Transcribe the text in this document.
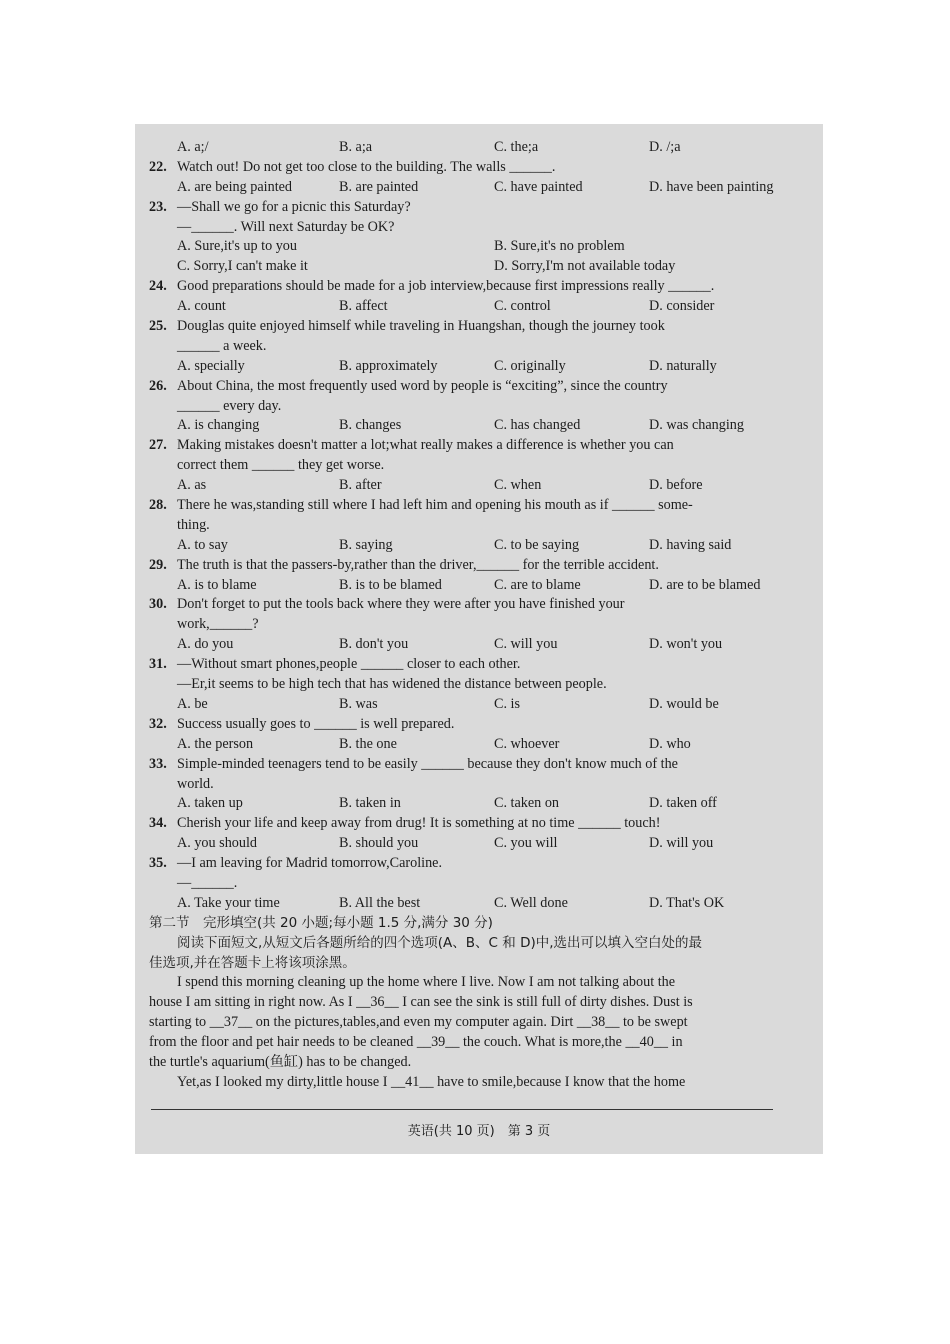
A. a;/	B. a;a	C. the;a	D. /;a
22. Watch out! Do not get too close to the building. The walls ______.
A. are being painted	B. are painted	C. have painted	D. have been painting
23. —Shall we go for a picnic this Saturday?
—______. Will next Saturday be OK?
A. Sure,it's up to you	B. Sure,it's no problem
C. Sorry,I can't make it	D. Sorry,I'm not available today
24. Good preparations should be made for a job interview,because first impressions really ______.
A. count	B. affect	C. control	D. consider
25. Douglas quite enjoyed himself while traveling in Huangshan, though the journey took
______ a week.
A. specially	B. approximately	C. originally	D. naturally
26. About China, the most frequently used word by people is “exciting”, since the country
______ every day.
A. is changing	B. changes	C. has changed	D. was changing
27. Making mistakes doesn't matter a lot;what really makes a difference is whether you can
correct them ______ they get worse.
A. as	B. after	C. when	D. before
28. There he was,standing still where I had left him and opening his mouth as if ______ some-
thing.
A. to say	B. saying	C. to be saying	D. having said
29. The truth is that the passers-by,rather than the driver,______ for the terrible accident.
A. is to blame	B. is to be blamed	C. are to blame	D. are to be blamed
30. Don't forget to put the tools back where they were after you have finished your
work,______?
A. do you	B. don't you	C. will you	D. won't you
31. —Without smart phones,people ______ closer to each other.
—Er,it seems to be high tech that has widened the distance between people.
A. be	B. was	C. is	D. would be
32. Success usually goes to ______ is well prepared.
A. the person	B. the one	C. whoever	D. who
33. Simple-minded teenagers tend to be easily ______ because they don't know much of the
world.
A. taken up	B. taken in	C. taken on	D. taken off
34. Cherish your life and keep away from drug! It is something at no time ______ touch!
A. you should	B. should you	C. you will	D. will you
35. —I am leaving for Madrid tomorrow,Caroline.
—______.
A. Take your time	B. All the best	C. Well done	D. That's OK
第二节　完形填空(共 20 小题;每小题 1.5 分,满分 30 分)
阅读下面短文,从短文后各题所给的四个选项(A、B、C 和 D)中,选出可以填入空白处的最
佳选项,并在答题卡上将该项涂黑。
I spend this morning cleaning up the home where I live. Now I am not talking about the
house I am sitting in right now. As I __36__ I can see the sink is still full of dirty dishes. Dust is
starting to __37__ on the pictures,tables,and even my computer again. Dirt __38__ to be swept
from the floor and pet hair needs to be cleaned __39__ the couch. What is more,the __40__ in
the turtle's aquarium(鱼缸) has to be changed.
Yet,as I looked my dirty,little house I __41__ have to smile,because I know that the home
英语(共 10 页)　第 3 页
